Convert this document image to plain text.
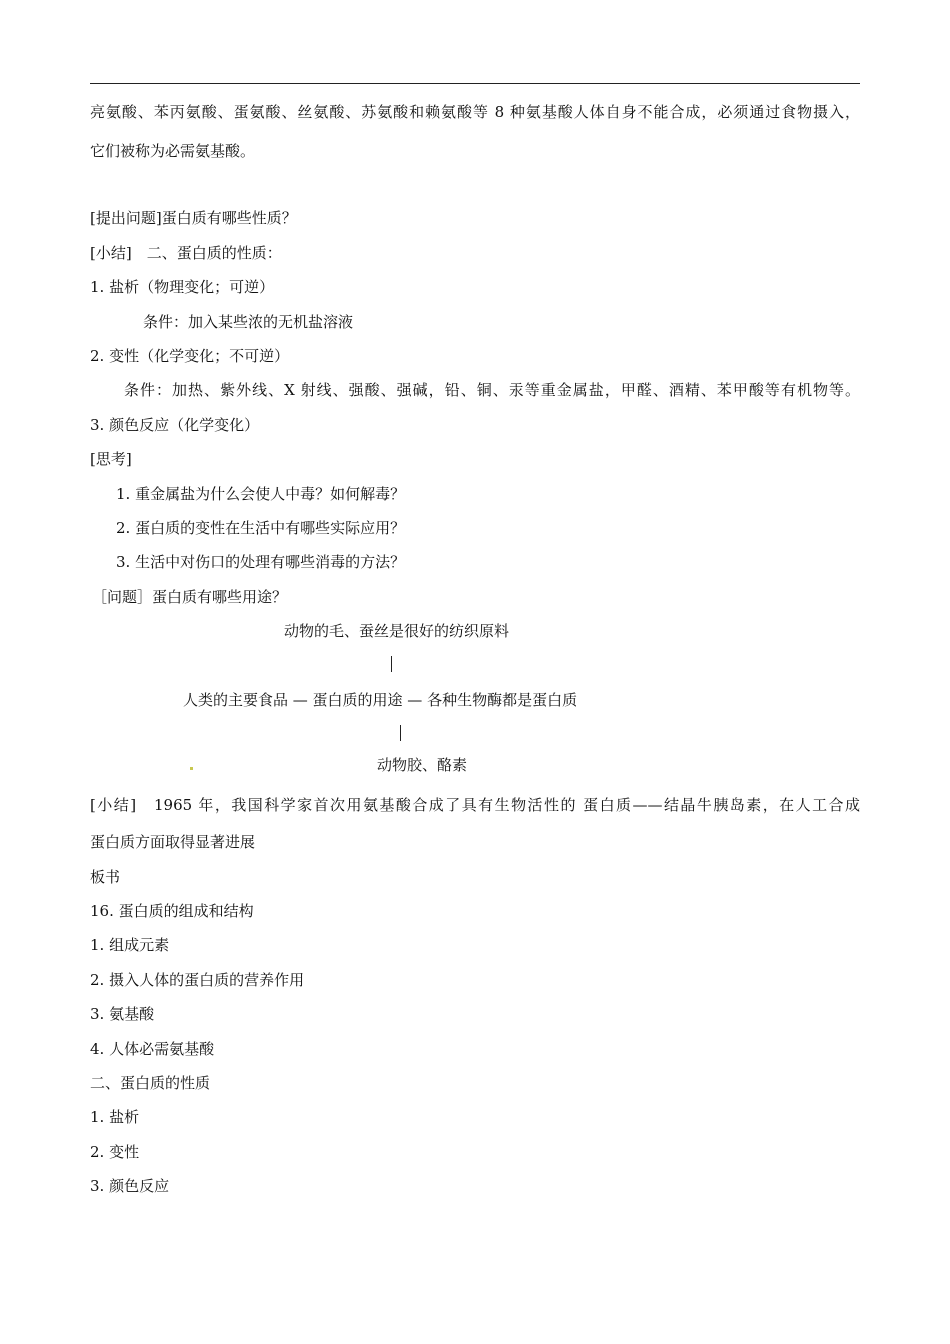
亮氨酸、苯丙氨酸、蛋氨酸、丝氨酸、苏氨酸和赖氨酸等 8 种氨基酸人体自身不能合成，必须通过食物摄入，
它们被称为必需氨基酸。
[提出问题]蛋白质有哪些性质？
[小结]　二、蛋白质的性质：
1. 盐析（物理变化；可逆）
条件：加入某些浓的无机盐溶液
2. 变性（化学变化；不可逆）
条件：加热、紫外线、X 射线、强酸、强碱，铅、铜、汞等重金属盐，甲醛、酒精、苯甲酸等有机物等。
3. 颜色反应（化学变化）
[思考]
1. 重金属盐为什么会使人中毒？如何解毒？
2. 蛋白质的变性在生活中有哪些实际应用？
3. 生活中对伤口的处理有哪些消毒的方法？
［问题］蛋白质有哪些用途？
动物的毛、蚕丝是很好的纺织原料
人类的主要食品 — 蛋白质的用途 — 各种生物酶都是蛋白质
动物胶、酪素
[小结]　1965 年，我国科学家首次用氨基酸合成了具有生物活性的 蛋白质——结晶牛胰岛素，在人工合成
蛋白质方面取得显著进展
板书
16. 蛋白质的组成和结构
1. 组成元素
2. 摄入人体的蛋白质的营养作用
3. 氨基酸
4. 人体必需氨基酸
二、蛋白质的性质
1. 盐析
2. 变性
3. 颜色反应
